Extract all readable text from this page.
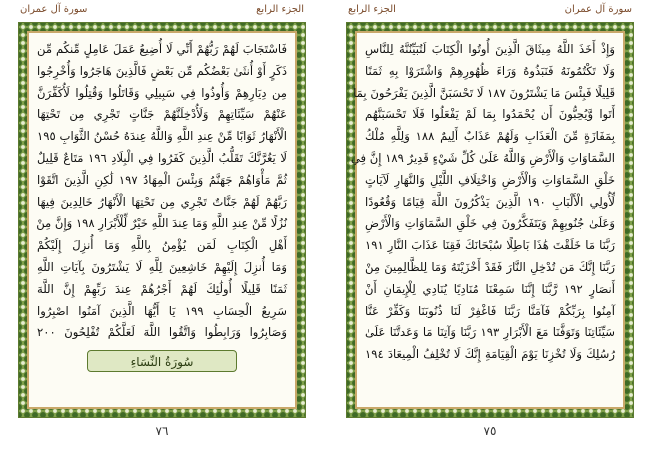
سورة آل عمران	الجزء الرابع
فَاسْتَجَابَ لَهُمْ رَبُّهُمْ أَنِّي لَا أُضِيعُ عَمَلَ عَامِلٍ مِّنكُم مِّن
ذَكَرٍ أَوْ أُنثَىٰ بَعْضُكُم مِّن بَعْضٍ فَالَّذِينَ هَاجَرُوا وَأُخْرِجُوا
مِن دِيَارِهِمْ وَأُوذُوا فِي سَبِيلِي وَقَاتَلُوا وَقُتِلُوا لَأُكَفِّرَنَّ
عَنْهُمْ سَيِّئَاتِهِمْ وَلَأُدْخِلَنَّهُمْ جَنَّاتٍ تَجْرِي مِن تَحْتِهَا
الْأَنْهَارُ ثَوَابًا مِّنْ عِندِ اللَّهِ وَاللَّهُ عِندَهُ حُسْنُ الثَّوَابِ ١٩٥
لَا يَغُرَّنَّكَ تَقَلُّبُ الَّذِينَ كَفَرُوا فِي الْبِلَادِ ١٩٦ مَتَاعٌ قَلِيلٌ
ثُمَّ مَأْوَاهُمْ جَهَنَّمُ وَبِئْسَ الْمِهَادُ ١٩٧ لَٰكِنِ الَّذِينَ اتَّقَوْا
رَبَّهُمْ لَهُمْ جَنَّاتٌ تَجْرِي مِن تَحْتِهَا الْأَنْهَارُ خَالِدِينَ فِيهَا
نُزُلًا مِّنْ عِندِ اللَّهِ وَمَا عِندَ اللَّهِ خَيْرٌ لِّلْأَبْرَارِ ١٩٨ وَإِنَّ مِنْ
أَهْلِ الْكِتَابِ لَمَن يُؤْمِنُ بِاللَّهِ وَمَا أُنزِلَ إِلَيْكُمْ
وَمَا أُنزِلَ إِلَيْهِمْ خَاشِعِينَ لِلَّهِ لَا يَشْتَرُونَ بِآيَاتِ اللَّهِ
ثَمَنًا قَلِيلًا أُولَٰئِكَ لَهُمْ أَجْرُهُمْ عِندَ رَبِّهِمْ إِنَّ اللَّهَ
سَرِيعُ الْحِسَابِ ١٩٩ يَا أَيُّهَا الَّذِينَ آمَنُوا اصْبِرُوا
وَصَابِرُوا وَرَابِطُوا وَاتَّقُوا اللَّهَ لَعَلَّكُمْ تُفْلِحُونَ ٢٠٠
سُورَةُ النِّسَاءِ
٧٦
الجزء الرابع	سورة آل عمران
وَإِذْ أَخَذَ اللَّهُ مِيثَاقَ الَّذِينَ أُوتُوا الْكِتَابَ لَتُبَيِّنُنَّهُ لِلنَّاسِ
وَلَا تَكْتُمُونَهُ فَنَبَذُوهُ وَرَاءَ ظُهُورِهِمْ وَاشْتَرَوْا بِهِ ثَمَنًا
قَلِيلًا فَبِئْسَ مَا يَشْتَرُونَ ١٨٧ لَا تَحْسَبَنَّ الَّذِينَ يَفْرَحُونَ بِمَا
أَتَوا وَّيُحِبُّونَ أَن يُحْمَدُوا بِمَا لَمْ يَفْعَلُوا فَلَا تَحْسَبَنَّهُم
بِمَفَازَةٍ مِّنَ الْعَذَابِ وَلَهُمْ عَذَابٌ أَلِيمٌ ١٨٨ وَلِلَّهِ مُلْكُ
السَّمَاوَاتِ وَالْأَرْضِ وَاللَّهُ عَلَىٰ كُلِّ شَيْءٍ قَدِيرٌ ١٨٩ إِنَّ فِي
خَلْقِ السَّمَاوَاتِ وَالْأَرْضِ وَاخْتِلَافِ اللَّيْلِ وَالنَّهَارِ لَآيَاتٍ
لِّأُولِي الْأَلْبَابِ ١٩٠ الَّذِينَ يَذْكُرُونَ اللَّهَ قِيَامًا وَقُعُودًا
وَعَلَىٰ جُنُوبِهِمْ وَيَتَفَكَّرُونَ فِي خَلْقِ السَّمَاوَاتِ وَالْأَرْضِ
رَبَّنَا مَا خَلَقْتَ هَٰذَا بَاطِلًا سُبْحَانَكَ فَقِنَا عَذَابَ النَّارِ ١٩١
رَبَّنَا إِنَّكَ مَن تُدْخِلِ النَّارَ فَقَدْ أَخْزَيْتَهُ وَمَا لِلظَّالِمِينَ مِنْ
أَنصَارٍ ١٩٢ رَّبَّنَا إِنَّنَا سَمِعْنَا مُنَادِيًا يُنَادِي لِلْإِيمَانِ أَنْ
آمِنُوا بِرَبِّكُمْ فَآمَنَّا رَبَّنَا فَاغْفِرْ لَنَا ذُنُوبَنَا وَكَفِّرْ عَنَّا
سَيِّئَاتِنَا وَتَوَفَّنَا مَعَ الْأَبْرَارِ ١٩٣ رَبَّنَا وَآتِنَا مَا وَعَدتَّنَا عَلَىٰ
رُسُلِكَ وَلَا تُخْزِنَا يَوْمَ الْقِيَامَةِ إِنَّكَ لَا تُخْلِفُ الْمِيعَادَ ١٩٤
٧٥
